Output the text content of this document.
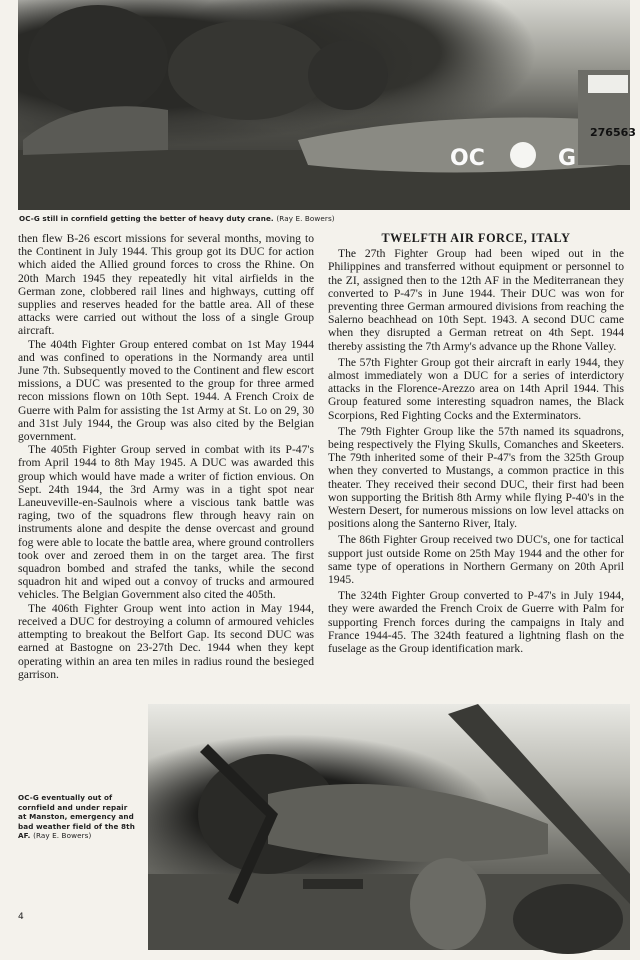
OC	G
276563
OC-G still in cornfield getting the better of heavy duty crane. (Ray E. Bowers)

then flew B-26 escort missions for several months, moving to the Continent in July 1944. This group got its DUC for action which aided the Allied ground forces to cross the Rhine. On 20th March 1945 they repeatedly hit vital airfields in the German zone, clobbered rail lines and highways, cutting off supplies and reserves headed for the battle area. All of these attacks were carried out without the loss of a single Group aircraft.

The 404th Fighter Group entered combat on 1st May 1944 and was confined to operations in the Normandy area until June 7th. Subsequently moved to the Continent and flew escort missions, a DUC was presented to the group for three armed recon missions flown on 10th Sept. 1944. A French Croix de Guerre with Palm for assisting the 1st Army at St. Lo on 29, 30 and 31st July 1944, the Group was also cited by the Belgian government.

The 405th Fighter Group served in combat with its P-47's from April 1944 to 8th May 1945. A DUC was awarded this group which would have made a writer of fiction envious. On Sept. 24th 1944, the 3rd Army was in a tight spot near Laneuveville-en-Saulnois where a viscious tank battle was raging, two of the squadrons flew through heavy rain on instruments alone and despite the dense overcast and ground fog were able to locate the battle area, where ground controllers took over and zeroed them in on the target area. The first squadron bombed and strafed the tanks, while the second squadron hit and wiped out a convoy of trucks and armoured vehicles. The Belgian Government also cited the 405th.

The 406th Fighter Group went into action in May 1944, received a DUC for destroying a column of armoured vehicles attempting to breakout the Belfort Gap. Its second DUC was earned at Bastogne on 23-27th Dec. 1944 when they kept operating within an area ten miles in radius round the besieged garrison.

TWELFTH AIR FORCE, ITALY

The 27th Fighter Group had been wiped out in the Philippines and transferred without equipment or personnel to the ZI, assigned then to the 12th AF in the Mediterranean they converted to P-47's in June 1944. Their DUC was won for preventing three German armoured divisions from reaching the Salerno beachhead on 10th Sept. 1943. A second DUC came when they disrupted a German retreat on 4th Sept. 1944 thereby assisting the 7th Army's advance up the Rhone Valley.

The 57th Fighter Group got their aircraft in early 1944, they almost immediately won a DUC for a series of interdictory attacks in the Florence-Arezzo area on 14th April 1944. This Group featured some interesting squadron names, the Black Scorpions, Red Fighting Cocks and the Exterminators.

The 79th Fighter Group like the 57th named its squadrons, being respectively the Flying Skulls, Comanches and Skeeters. The 79th inherited some of their P-47's from the 325th Group when they converted to Mustangs, a common practice in this theater. They received their second DUC, their first had been won supporting the British 8th Army while flying P-40's in the Western Desert, for numerous missions on low level attacks on positions along the Santerno River, Italy.

The 86th Fighter Group received two DUC's, one for tactical support just outside Rome on 25th May 1944 and the other for same type of operations in Northern Germany on 20th April 1945.

The 324th Fighter Group converted to P-47's in July 1944, they were awarded the French Croix de Guerre with Palm for supporting French forces during the campaigns in Italy and France 1944-45. The 324th featured a lightning flash on the fuselage as the Group identification mark.

OC-G eventually out of cornfield and under repair at Manston, emergency and bad weather field of the 8th AF. (Ray E. Bowers)
4
